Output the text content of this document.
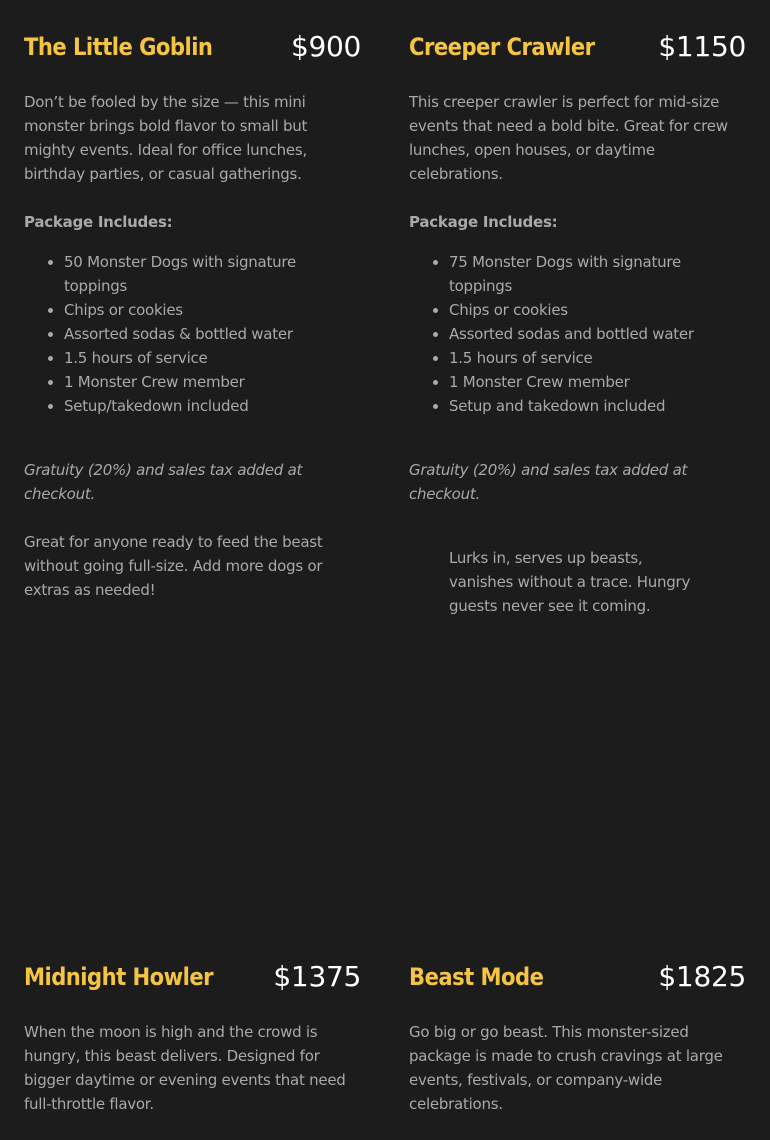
The Little Goblin	$900

Don’t be fooled by the size — this mini monster brings bold flavor to small but mighty events. Ideal for office lunches, birthday parties, or casual gatherings.

Package Includes:

• 50 Monster Dogs with signature toppings
• Chips or cookies
• Assorted sodas & bottled water
• 1.5 hours of service
• 1 Monster Crew member
• Setup/takedown included

Gratuity (20%) and sales tax added at checkout.

Great for anyone ready to feed the beast without going full-size. Add more dogs or extras as needed!

Creeper Crawler $1150

This creeper crawler is perfect for mid-size events that need a bold bite. Great for crew lunches, open houses, or daytime celebrations.

Package Includes:

• 75 Monster Dogs with signature toppings
• Chips or cookies
• Assorted sodas and bottled water
• 1.5 hours of service
• 1 Monster Crew member
• Setup and takedown included

Gratuity (20%) and sales tax added at checkout.

Lurks in, serves up beasts, vanishes without a trace. Hungry guests never see it coming.

Midnight Howler $1375

When the moon is high and the crowd is hungry, this beast delivers. Designed for bigger daytime or evening events that need full-throttle flavor.

Beast Mode	$1825

Go big or go beast. This monster-sized package is made to crush cravings at large events, festivals, or company-wide celebrations.
